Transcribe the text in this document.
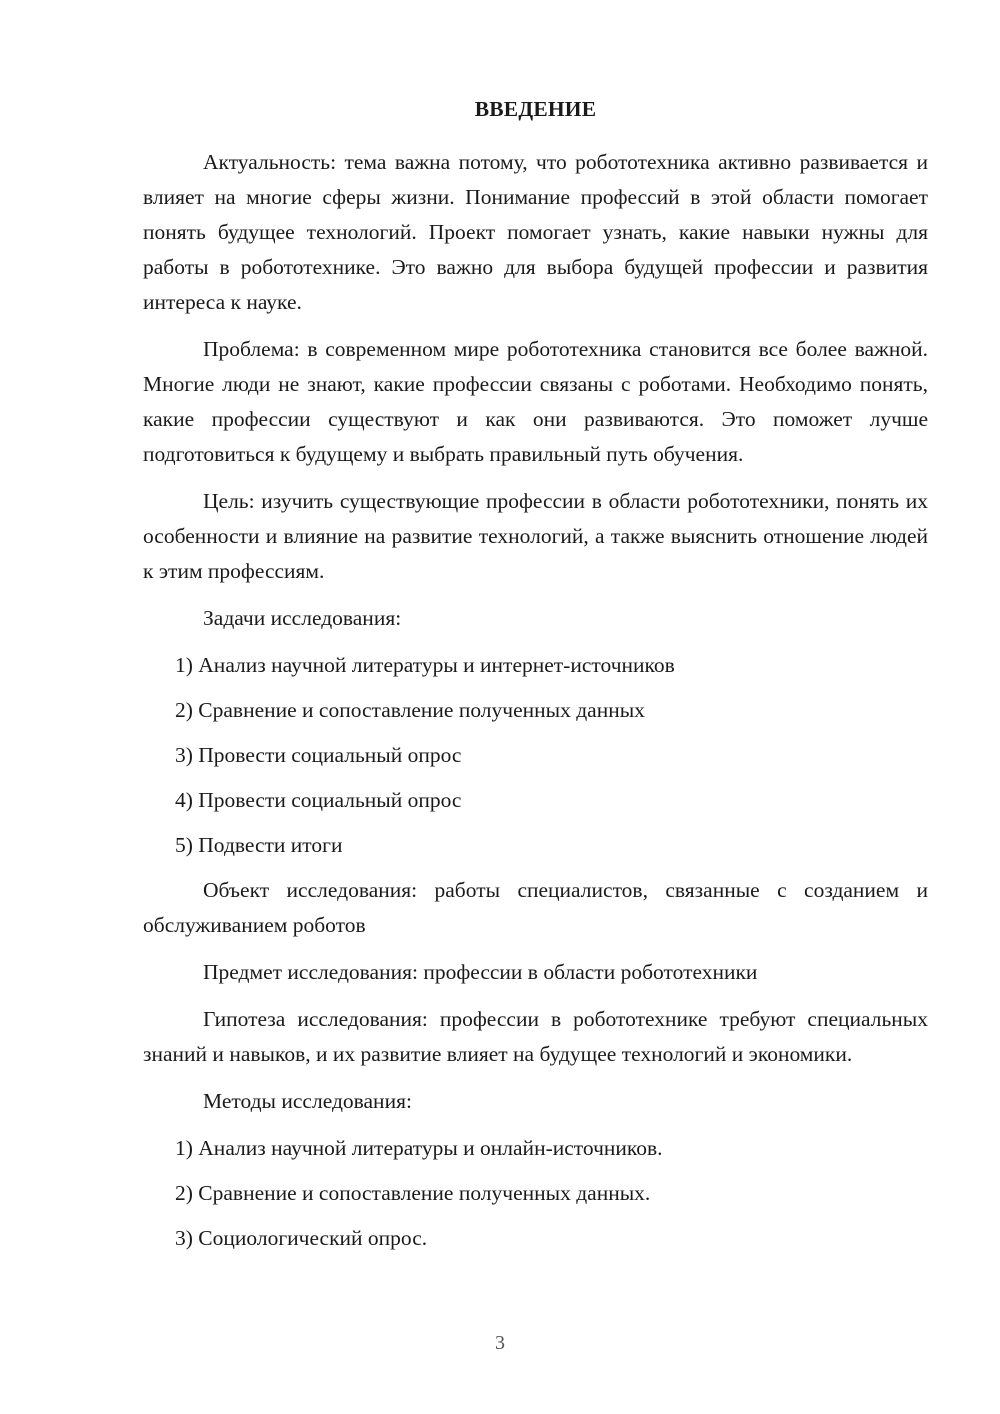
ВВЕДЕНИЕ

Актуальность: тема важна потому, что робототехника активно развивается и влияет на многие сферы жизни. Понимание профессий в этой области помогает понять будущее технологий. Проект помогает узнать, какие навыки нужны для работы в робототехнике. Это важно для выбора будущей профессии и развития интереса к науке.

Проблема: в современном мире робототехника становится все более важной. Многие люди не знают, какие профессии связаны с роботами. Необходимо понять, какие профессии существуют и как они развиваются. Это поможет лучше подготовиться к будущему и выбрать правильный путь обучения.

Цель: изучить существующие профессии в области робототехники, понять их особенности и влияние на развитие технологий, а также выяснить отношение людей к этим профессиям.

Задачи исследования:

1) Анализ научной литературы и интернет-источников
2) Сравнение и сопоставление полученных данных
3) Провести социальный опрос
4) Провести социальный опрос
5) Подвести итоги

Объект исследования: работы специалистов, связанные с созданием и обслуживанием роботов

Предмет исследования: профессии в области робототехники

Гипотеза исследования: профессии в робототехнике требуют специальных знаний и навыков, и их развитие влияет на будущее технологий и экономики.

Методы исследования:

1) Анализ научной литературы и онлайн-источников.
2) Сравнение и сопоставление полученных данных.
3) Социологический опрос.
3
